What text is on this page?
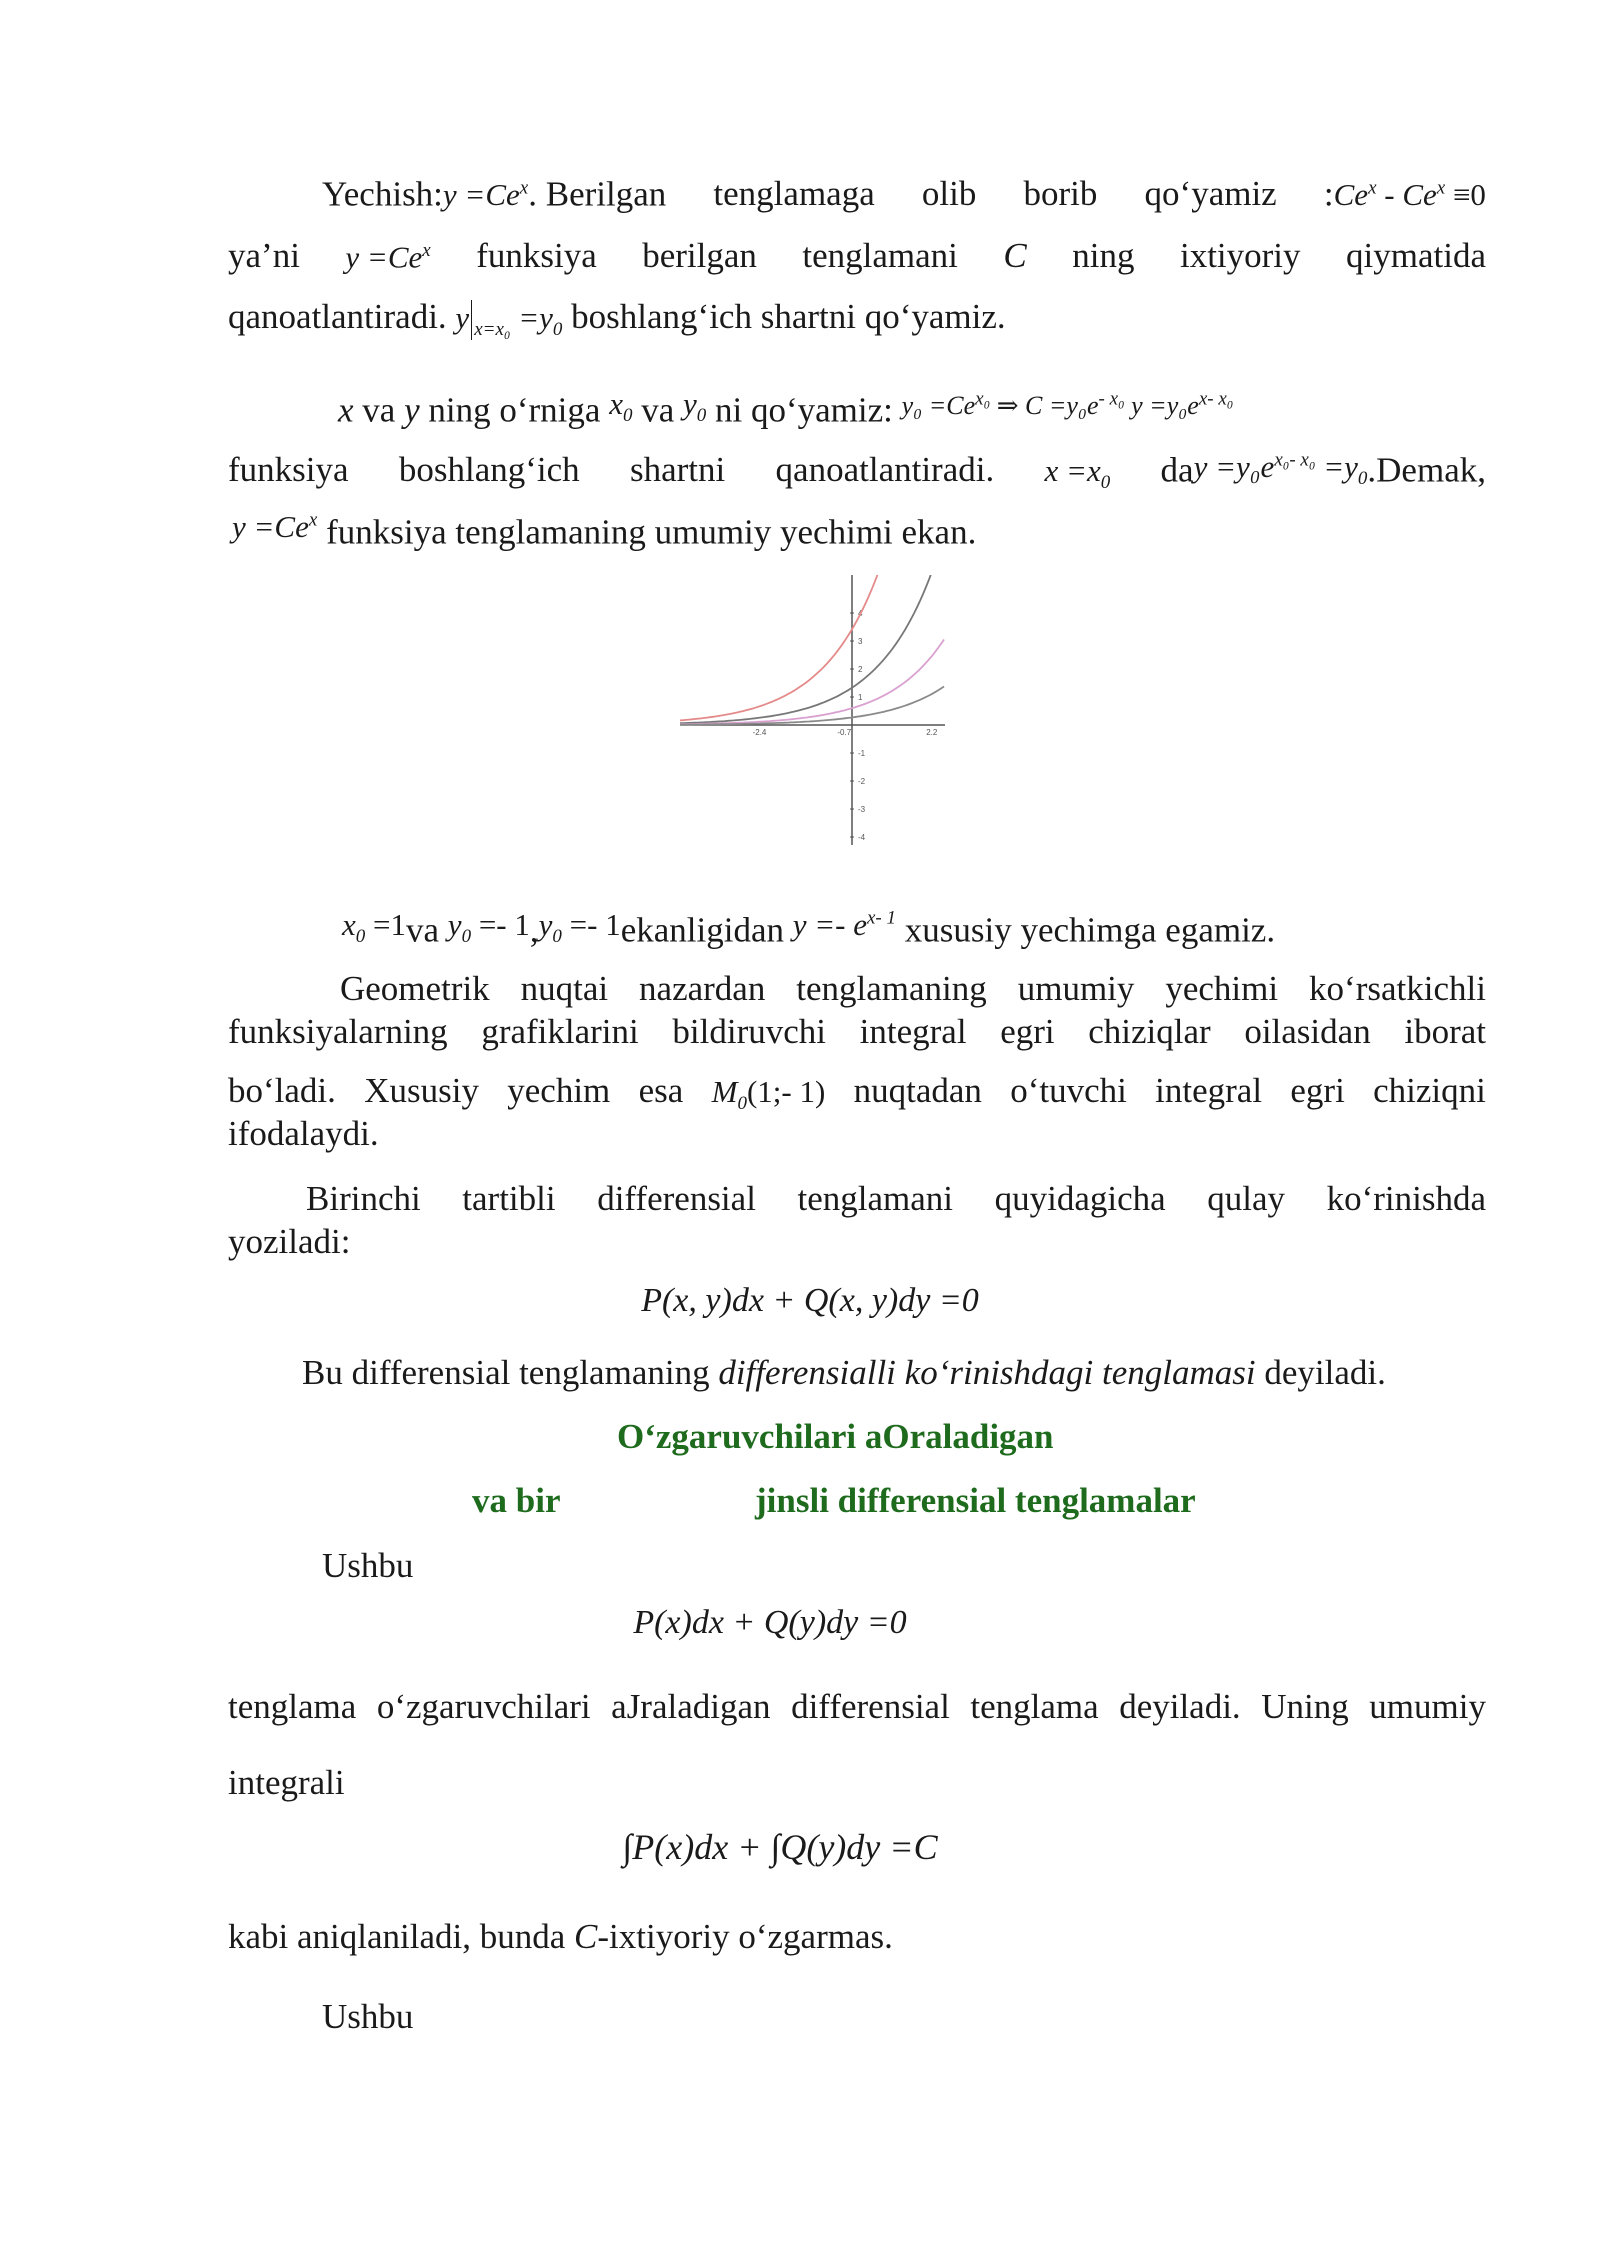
Yechish:y $=Ce^x$. Berilgan tenglamaga olib borib qo‘yamiz :Ce$^x$ - $Ce^x \equiv 0$
ya’ni $y =Ce^x$ funksiya berilgan tenglamani C ning ixtiyoriy qiymatida
qanoatlantiradi. y $_{x=x_0} =y_0$ boshlang‘ich shartni qo‘yamiz.
x va y ning o‘rniga $x_0$ va $y_0$ ni qo‘yamiz: $^{y_0 =Ce^{x_0} \Rightarrow C =y_0e^{- x_0} y =y_0e^{x- x_0}}$
funksiya boshlang‘ich shartni qanoatlantiradi. $x =x_0$ day $=y_0e^{x_0- x_0}$ $=y_0.Demak$,
$y =Ce^x$ funksiya tenglamaning umumiy yechimi ekan.
-2.4	-0.7	2.2
4
3
2
1
-1
-2
-3
-4
$x_0 =1va$ $y_0 =- 1,y_0$ =- 1ekanligidan $y =- e^{x- 1}$ xususiy yechimga egamiz.
Geometrik nuqtai nazardan tenglamaning umumiy yechimi ko‘rsatkichli
funksiyalarning grafiklarini bildiruvchi integral egri chiziqlar oilasidan iborat
bo‘ladi. Xususiy yechim esa $M_0(1;-$ 1) nuqtadan o‘tuvchi integral egri chiziqni
ifodalaydi.
Birinchi tartibli differensial tenglamani quyidagicha qulay ko‘rinishda
yoziladi:
P(x, y)dx + Q(x, y)dy =0
Bu differensial tenglamaning differensialli ko‘rinishdagi tenglamasi deyiladi.
O‘zgaruvchilari aOraladigan
va bir	jinsli differensial tenglamalar
Ushbu
P(x)dx + Q(y)dy =0
tenglama o‘zgaruvchilari aJraladigan differensial tenglama deyiladi. Uning umumiy
integrali
∫P(x)dx + ∫Q(y)dy =C
kabi aniqlaniladi, bunda C-ixtiyoriy o‘zgarmas.
Ushbu
